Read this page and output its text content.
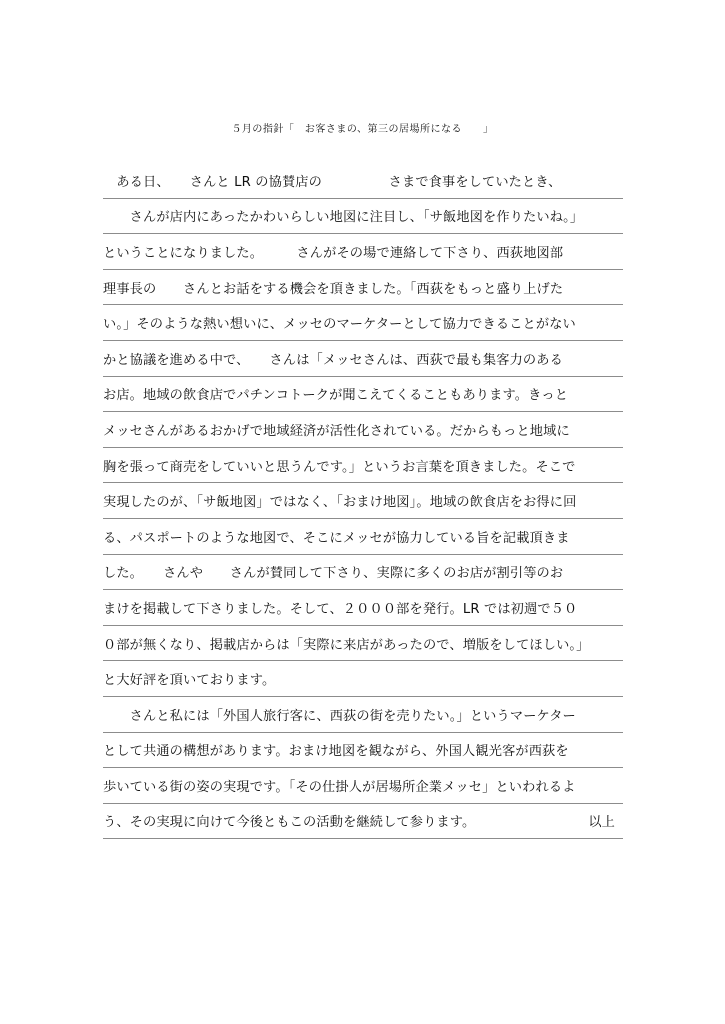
５月の指針「　お客さまの、第三の居場所になる　　」
　ある日、　　さんと LR の協賛店の　　　　　さまで食事をしていたとき、
　　さんが店内にあったかわいらしい地図に注目し、「サ飯地図を作りたいね。」
ということになりました。　　　さんがその場で連絡して下さり、西荻地図部
理事長の　　さんとお話をする機会を頂きました。「西荻をもっと盛り上げた
い。」そのような熱い想いに、メッセのマーケターとして協力できることがない
かと協議を進める中で、　　さんは「メッセさんは、西荻で最も集客力のある
お店。地域の飲食店でパチンコトークが聞こえてくることもあります。きっと
メッセさんがあるおかげで地域経済が活性化されている。だからもっと地域に
胸を張って商売をしていいと思うんです。」というお言葉を頂きました。そこで
実現したのが、「サ飯地図」ではなく、「おまけ地図」。地域の飲食店をお得に回
る、パスポートのような地図で、そこにメッセが協力している旨を記載頂きま
した。　　さんや　　さんが賛同して下さり、実際に多くのお店が割引等のお
まけを掲載して下さりました。そして、２０００部を発行。LR では初週で５０
０部が無くなり、掲載店からは「実際に来店があったので、増版をしてほしい。」
と大好評を頂いております。
　　さんと私には「外国人旅行客に、西荻の街を売りたい。」というマーケター
として共通の構想があります。おまけ地図を観ながら、外国人観光客が西荻を
歩いている街の姿の実現です。「その仕掛人が居場所企業メッセ」といわれるよ
う、その実現に向けて今後ともこの活動を継続して参ります。	以上
